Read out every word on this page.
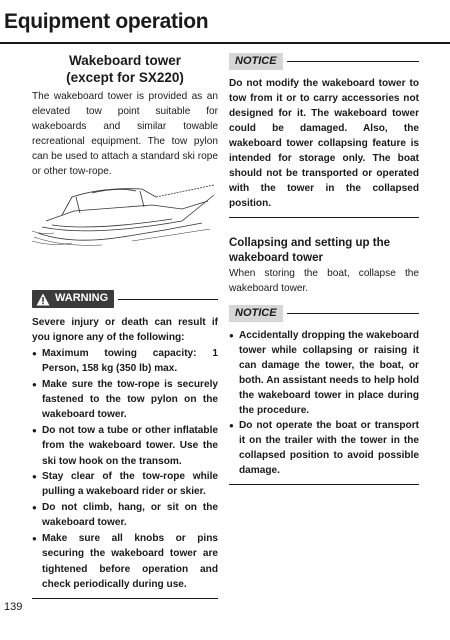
Equipment operation
Wakeboard tower
(except for SX220)

The wakeboard tower is provided as an elevated tow point suitable for wakeboards and similar towable recreational equipment. The tow pylon can be used to attach a standard ski rope or other tow-rope.

WARNING

Severe injury or death can result if you ignore any of the following:

● Maximum towing capacity: 1 Person, 158 kg (350 lb) max.
● Make sure the tow-rope is securely fastened to the tow pylon on the wakeboard tower.
● Do not tow a tube or other inflatable from the wakeboard tower. Use the ski tow hook on the transom.
● Stay clear of the tow-rope while pulling a wakeboard rider or skier.
● Do not climb, hang, or sit on the wakeboard tower.
● Make sure all knobs or pins securing the wakeboard tower are tightened before operation and check periodically during use.
NOTICE

Do not modify the wakeboard tower to tow from it or to carry accessories not designed for it. The wakeboard tower could be damaged. Also, the wakeboard tower collapsing feature is intended for storage only. The boat should not be transported or operated with the tower in the collapsed position.

Collapsing and setting up the wakeboard tower

When storing the boat, collapse the wakeboard tower.

NOTICE
● Accidentally dropping the wakeboard tower while collapsing or raising it can damage the tower, the boat, or both. An assistant needs to help hold the wakeboard tower in place during the procedure.
● Do not operate the boat or transport it on the trailer with the tower in the collapsed position to avoid possible damage.
139
